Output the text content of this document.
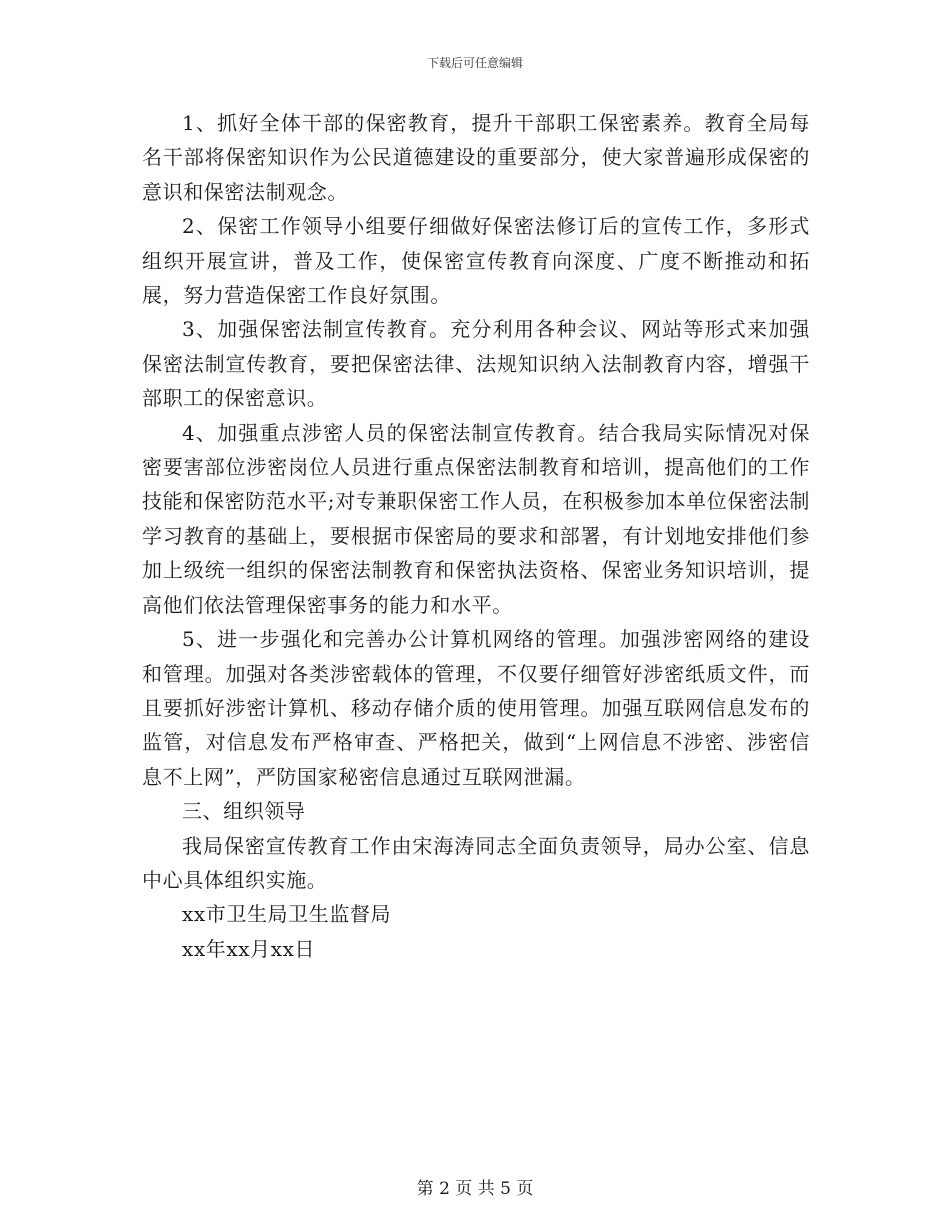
下载后可任意编辑

1、抓好全体干部的保密教育，提升干部职工保密素养。教育全局每名干部将保密知识作为公民道德建设的重要部分，使大家普遍形成保密的意识和保密法制观念。

2、保密工作领导小组要仔细做好保密法修订后的宣传工作，多形式组织开展宣讲，普及工作，使保密宣传教育向深度、广度不断推动和拓展，努力营造保密工作良好氛围。

3、加强保密法制宣传教育。充分利用各种会议、网站等形式来加强保密法制宣传教育，要把保密法律、法规知识纳入法制教育内容，增强干部职工的保密意识。

4、加强重点涉密人员的保密法制宣传教育。结合我局实际情况对保密要害部位涉密岗位人员进行重点保密法制教育和培训，提高他们的工作技能和保密防范水平;对专兼职保密工作人员，在积极参加本单位保密法制学习教育的基础上，要根据市保密局的要求和部署，有计划地安排他们参加上级统一组织的保密法制教育和保密执法资格、保密业务知识培训，提高他们依法管理保密事务的能力和水平。

5、进一步强化和完善办公计算机网络的管理。加强涉密网络的建设和管理。加强对各类涉密载体的管理，不仅要仔细管好涉密纸质文件，而且要抓好涉密计算机、移动存储介质的使用管理。加强互联网信息发布的监管，对信息发布严格审查、严格把关，做到“上网信息不涉密、涉密信息不上网”，严防国家秘密信息通过互联网泄漏。

三、组织领导

我局保密宣传教育工作由宋海涛同志全面负责领导，局办公室、信息中心具体组织实施。

xx市卫生局卫生监督局

xx年xx月xx日

第 2 页 共 5 页
